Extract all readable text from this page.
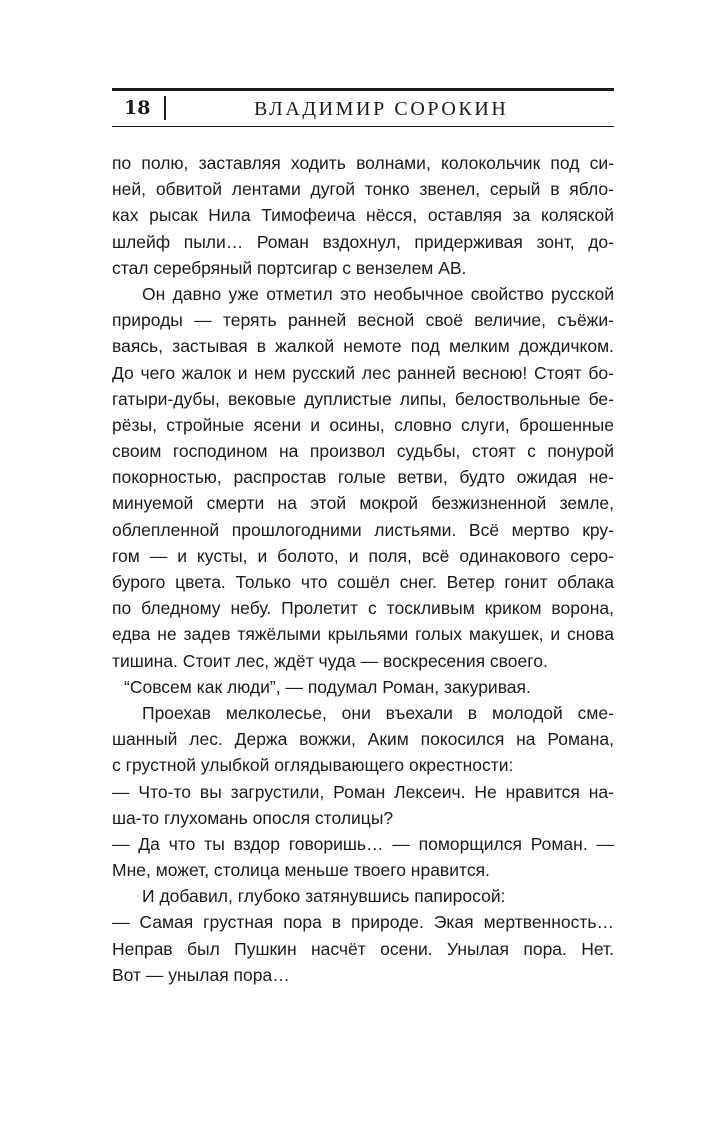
18	ВЛАДИМИР СОРОКИН
по полю, заставляя ходить волнами, колокольчик под си-
ней, обвитой лентами дугой тонко звенел, серый в ябло-
ках рысак Нила Тимофеича нёсся, оставляя за коляской
шлейф пыли… Роман вздохнул, придерживая зонт, до-
стал серебряный портсигар с вензелем АВ.
Он давно уже отметил это необычное свойство русской
природы — терять ранней весной своё величие, съёжи-
ваясь, застывая в жалкой немоте под мелким дождичком.
До чего жалок и нем русский лес ранней весною! Стоят бо-
гатыри-дубы, вековые дуплистые липы, белоствольные бе-
рёзы, стройные ясени и осины, словно слуги, брошенные
своим господином на произвол судьбы, стоят с понурой
покорностью, распростав голые ветви, будто ожидая не-
минуемой смерти на этой мокрой безжизненной земле,
облепленной прошлогодними листьями. Всё мертво кру-
гом — и кусты, и болото, и поля, всё одинакового серо-
бурого цвета. Только что сошёл снег. Ветер гонит облака
по бледному небу. Пролетит с тоскливым криком ворона,
едва не задев тяжёлыми крыльями голых макушек, и снова
тишина. Стоит лес, ждёт чуда — воскресения своего.
“Совсем как люди”, — подумал Роман, закуривая.
Проехав мелколесье, они въехали в молодой сме-
шанный лес. Держа вожжи, Аким покосился на Романа,
с грустной улыбкой оглядывающего окрестности:
— Что-то вы загрустили, Роман Лексеич. Не нравится на-
ша-то глухомань опосля столицы?
— Да что ты вздор говоришь… — поморщился Роман. —
Мне, может, столица меньше твоего нравится.
И добавил, глубоко затянувшись папиросой:
— Самая грустная пора в природе. Экая мертвенность…
Неправ был Пушкин насчёт осени. Унылая пора. Нет.
Вот — унылая пора…
